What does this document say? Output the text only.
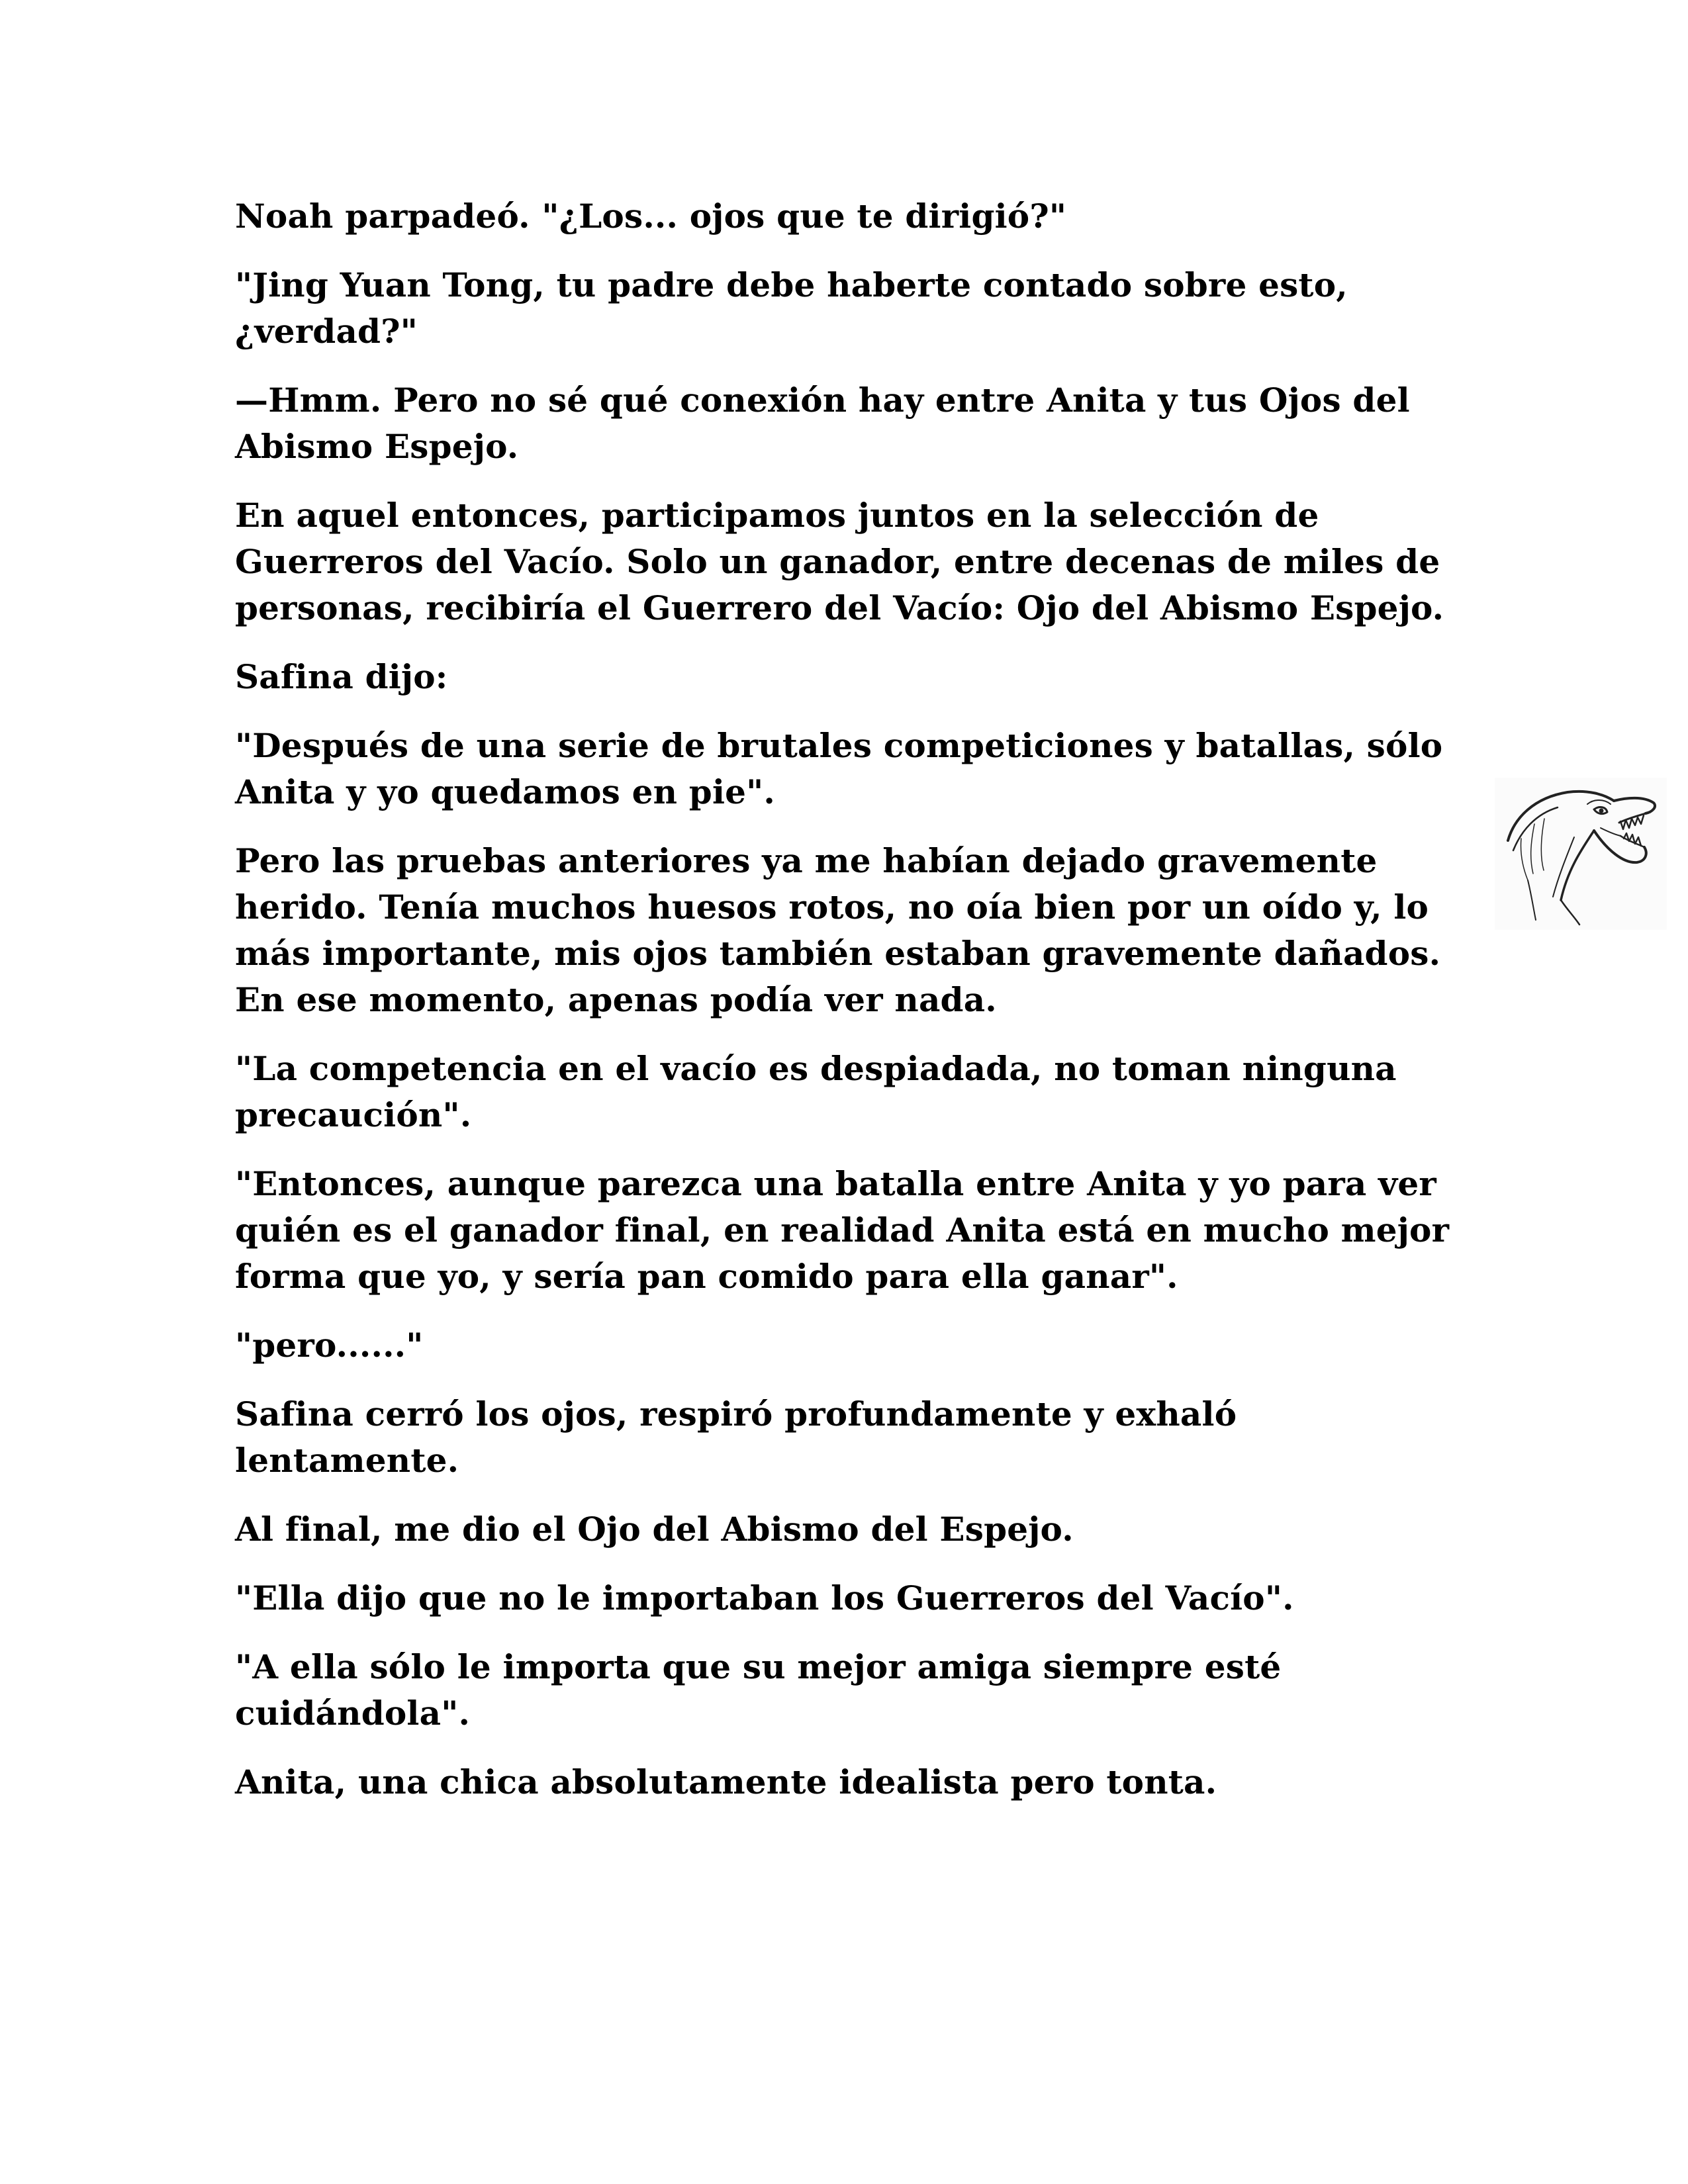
Noah parpadeó. "¿Los... ojos que te dirigió?"

"Jing Yuan Tong, tu padre debe haberte contado sobre esto, ¿verdad?"

—Hmm. Pero no sé qué conexión hay entre Anita y tus Ojos del Abismo Espejo.

En aquel entonces, participamos juntos en la selección de Guerreros del Vacío. Solo un ganador, entre decenas de miles de personas, recibiría el Guerrero del Vacío: Ojo del Abismo Espejo.

Safina dijo:

"Después de una serie de brutales competiciones y batallas, sólo Anita y yo quedamos en pie".

Pero las pruebas anteriores ya me habían dejado gravemente herido. Tenía muchos huesos rotos, no oía bien por un oído y, lo más importante, mis ojos también estaban gravemente dañados. En ese momento, apenas podía ver nada.

"La competencia en el vacío es despiadada, no toman ninguna precaución".

"Entonces, aunque parezca una batalla entre Anita y yo para ver quién es el ganador final, en realidad Anita está en mucho mejor forma que yo, y sería pan comido para ella ganar".

"pero......"

Safina cerró los ojos, respiró profundamente y exhaló lentamente.

Al final, me dio el Ojo del Abismo del Espejo.

"Ella dijo que no le importaban los Guerreros del Vacío".

"A ella sólo le importa que su mejor amiga siempre esté cuidándola".

Anita, una chica absolutamente idealista pero tonta.
